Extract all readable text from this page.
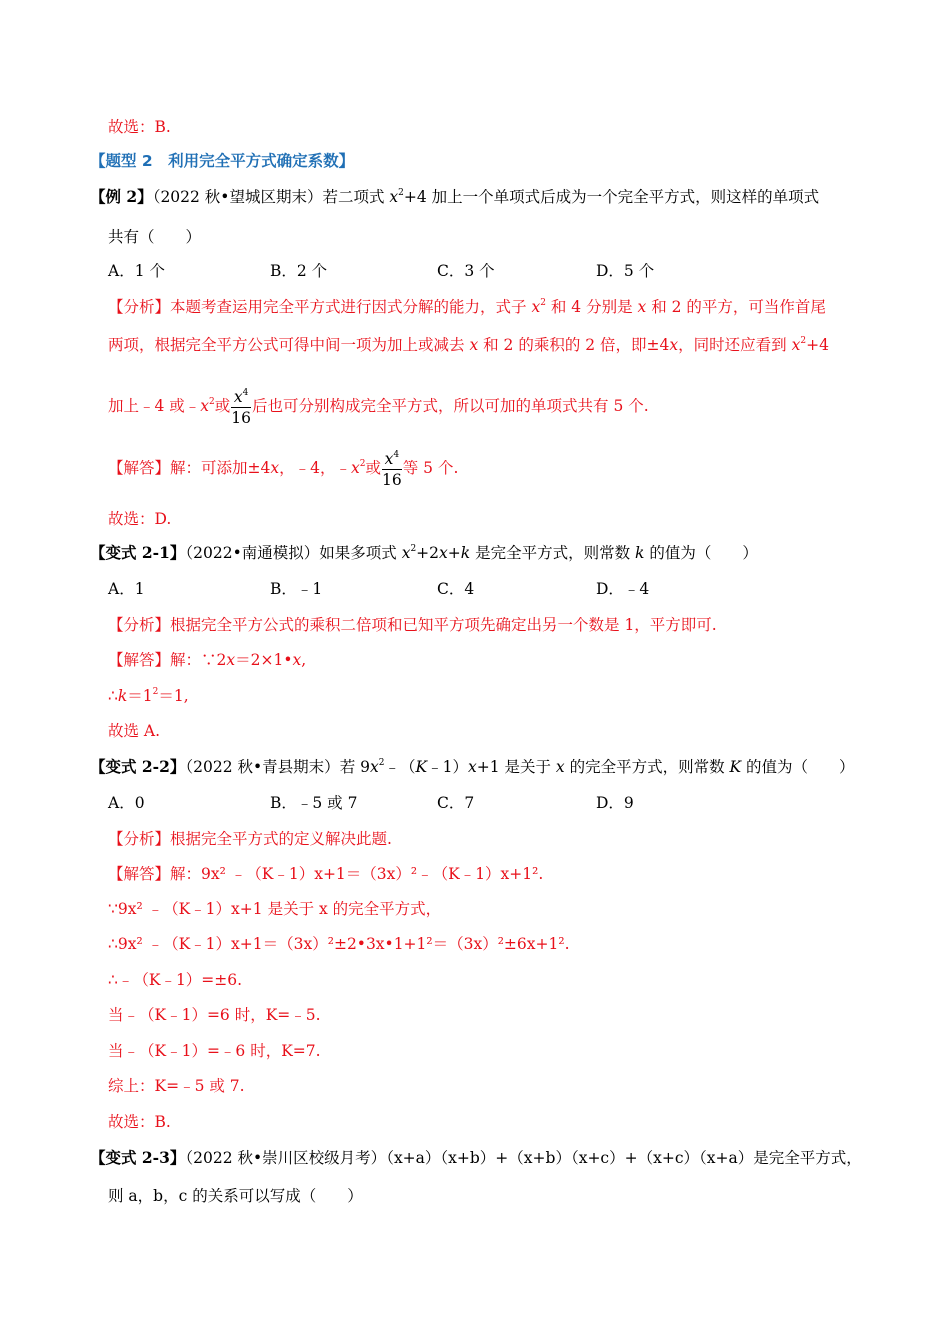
故选：B.
【题型 2　利用完全平方式确定系数】
【例 2】（2022 秋•望城区期末）若二项式 $x^2+4$ 加上一个单项式后成为一个完全平方式，则这样的单项式
共有（　　）
A．1 个	B．2 个	C．3 个	D．5 个
【分析】本题考查运用完全平方式进行因式分解的能力，式子 $x^2$ 和 4 分别是 x 和 2 的平方，可当作首尾
两项，根据完全平方公式可得中间一项为加上或减去 x 和 2 的乘积的 2 倍，即±4x，同时还应看到 $x^2+4$
加上﹣4 或$﹣x^2$或 $\frac{x^4}{16}$ 后也可分别构成完全平方式，所以可加的单项式共有 5 个.
【解答】解：可添加±4x，﹣4，$﹣x^2$或 $\frac{x^4}{16}$ 等 5 个.
故选：D.
【变式 2-1】（2022•南通模拟）如果多项式 $x^2+2x+k$ 是完全平方式，则常数 k 的值为（　　）
A．1	B．﹣1	C．4	D．﹣4
【分析】根据完全平方公式的乘积二倍项和已知平方项先确定出另一个数是 1，平方即可.
【解答】解：∵2x＝2×1•x,
$\therefore k=1^2=1$,
故选 A.
【变式 2-2】（2022 秋•青县期末）若 $9x^2﹣(K﹣1)x+1$ 是关于 x 的完全平方式，则常数 K 的值为（　　）
A．0	B．﹣5 或 7	C．7	D．9
【分析】根据完全平方式的定义解决此题.
【解答】解：9x² ﹣（K﹣1）x+1＝（3x）²﹣（K﹣1）x+1².
∵9x² ﹣（K﹣1）x+1 是关于 x 的完全平方式，
∴9x² ﹣（K﹣1）x+1＝（3x）²±2•3x•1+1²＝（3x）²±6x+1².
∴﹣（K﹣1）=±6.
当﹣（K﹣1）=6 时，K=﹣5.
当﹣（K﹣1）=﹣6 时，K=7.
综上：K=﹣5 或 7.
故选：B.
【变式 2-3】（2022 秋•崇川区校级月考）（x+a）（x+b）+（x+b）（x+c）+（x+c）（x+a）是完全平方式，
则 a，b，c 的关系可以写成（　　）
